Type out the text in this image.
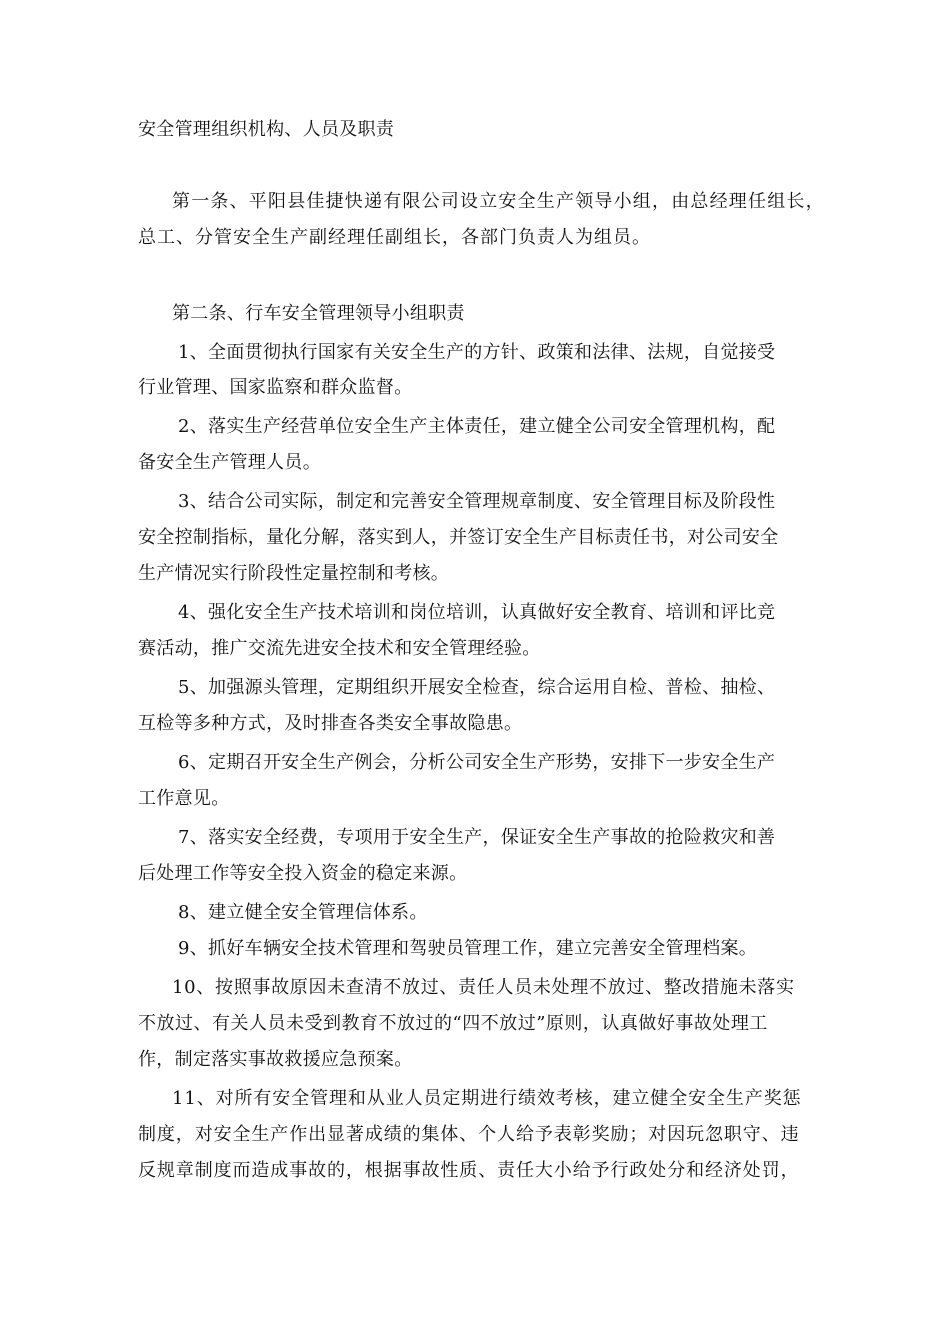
安全管理组织机构、人员及职责
第一条、平阳县佳捷快递有限公司设立安全生产领导小组，由总经理任组长，
总工、分管安全生产副经理任副组长，各部门负责人为组员。
第二条、行车安全管理领导小组职责
1、全面贯彻执行国家有关安全生产的方针、政策和法律、法规，自觉接受
行业管理、国家监察和群众监督。
2、落实生产经营单位安全生产主体责任，建立健全公司安全管理机构，配
备安全生产管理人员。
3、结合公司实际，制定和完善安全管理规章制度、安全管理目标及阶段性
安全控制指标，量化分解，落实到人，并签订安全生产目标责任书，对公司安全
生产情况实行阶段性定量控制和考核。
4、强化安全生产技术培训和岗位培训，认真做好安全教育、培训和评比竞
赛活动，推广交流先进安全技术和安全管理经验。
5、加强源头管理，定期组织开展安全检查，综合运用自检、普检、抽检、
互检等多种方式，及时排查各类安全事故隐患。
6、定期召开安全生产例会，分析公司安全生产形势，安排下一步安全生产
工作意见。
7、落实安全经费，专项用于安全生产，保证安全生产事故的抢险救灾和善
后处理工作等安全投入资金的稳定来源。
8、建立健全安全管理信体系。
9、抓好车辆安全技术管理和驾驶员管理工作，建立完善安全管理档案。
10、按照事故原因未查清不放过、责任人员未处理不放过、整改措施未落实
不放过、有关人员未受到教育不放过的“四不放过”原则，认真做好事故处理工
作，制定落实事故救援应急预案。
11、对所有安全管理和从业人员定期进行绩效考核，建立健全安全生产奖惩
制度，对安全生产作出显著成绩的集体、个人给予表彰奖励；对因玩忽职守、违
反规章制度而造成事故的，根据事故性质、责任大小给予行政处分和经济处罚，
